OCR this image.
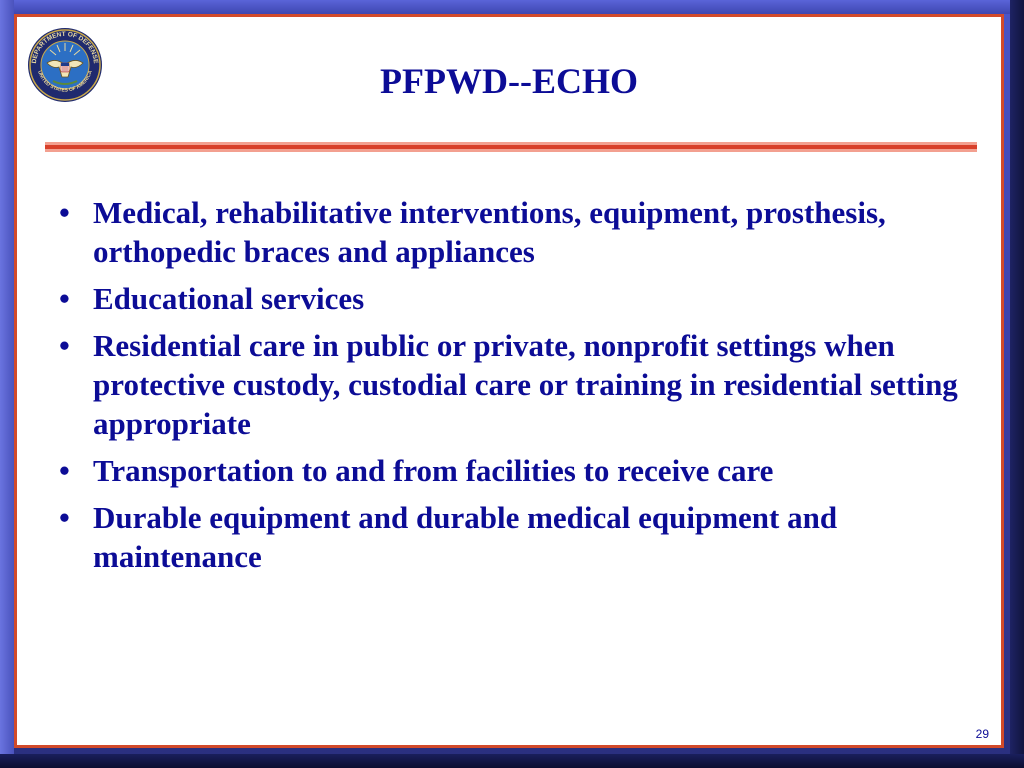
DEPARTMENT OF DEFENSE
UNITED STATES OF AMERICA	PFPWD--ECHO
• Medical, rehabilitative interventions, equipment, prosthesis, orthopedic braces and appliances
• Educational services
• Residential care in public or private, nonprofit settings when protective custody, custodial care or training in residential setting appropriate
• Transportation to and from facilities to receive care
• Durable equipment and durable medical equipment and maintenance
29
